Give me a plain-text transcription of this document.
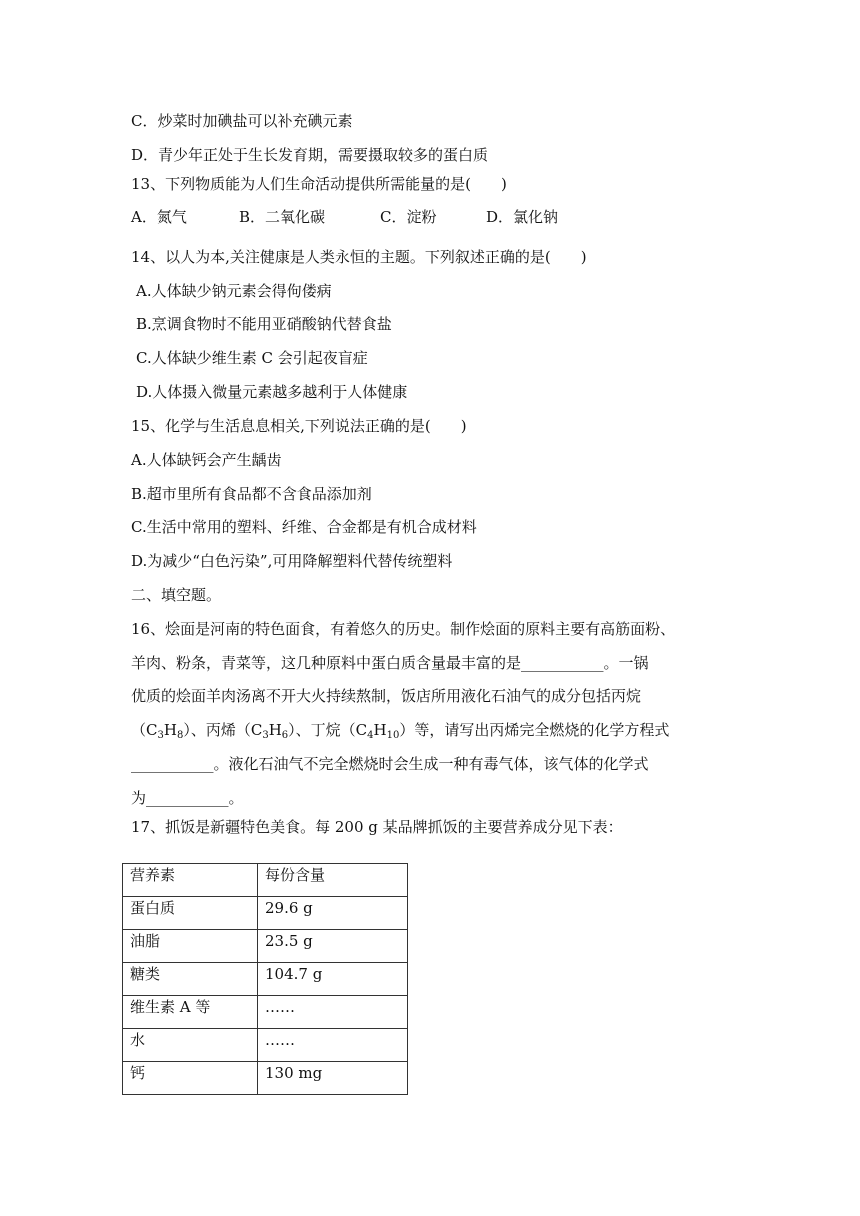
C．炒菜时加碘盐可以补充碘元素
D．青少年正处于生长发育期，需要摄取较多的蛋白质
13、下列物质能为人们生命活动提供所需能量的是(　　)
A．氮气	B．二氧化碳	C．淀粉	D．氯化钠
14、以人为本,关注健康是人类永恒的主题。下列叙述正确的是(　　)
A.人体缺少钠元素会得佝偻病
B.烹调食物时不能用亚硝酸钠代替食盐
C.人体缺少维生素 C 会引起夜盲症
D.人体摄入微量元素越多越利于人体健康
15、化学与生活息息相关,下列说法正确的是(　　)
A.人体缺钙会产生龋齿
B.超市里所有食品都不含食品添加剂
C.生活中常用的塑料、纤维、合金都是有机合成材料
D.为减少“白色污染”,可用降解塑料代替传统塑料
二、填空题。
16、烩面是河南的特色面食，有着悠久的历史。制作烩面的原料主要有高筋面粉、
羊肉、粉条，青菜等，这几种原料中蛋白质含量最丰富的是___________。一锅
优质的烩面羊肉汤离不开大火持续熬制，饭店所用液化石油气的成分包括丙烷
$(C_3H_8)$、丙烯$(C_3H_6)$、丁烷$(C_4H_{10})$等，请写出丙烯完全燃烧的化学方程式
___________。液化石油气不完全燃烧时会生成一种有毒气体，该气体的化学式
为___________。
17、抓饭是新疆特色美食。每 200 g 某品牌抓饭的主要营养成分见下表：
营养素	每份含量
蛋白质	29.6 g
油脂	23.5 g
糖类	104.7 g
维生素 A 等	……
水	……
钙	130 mg
